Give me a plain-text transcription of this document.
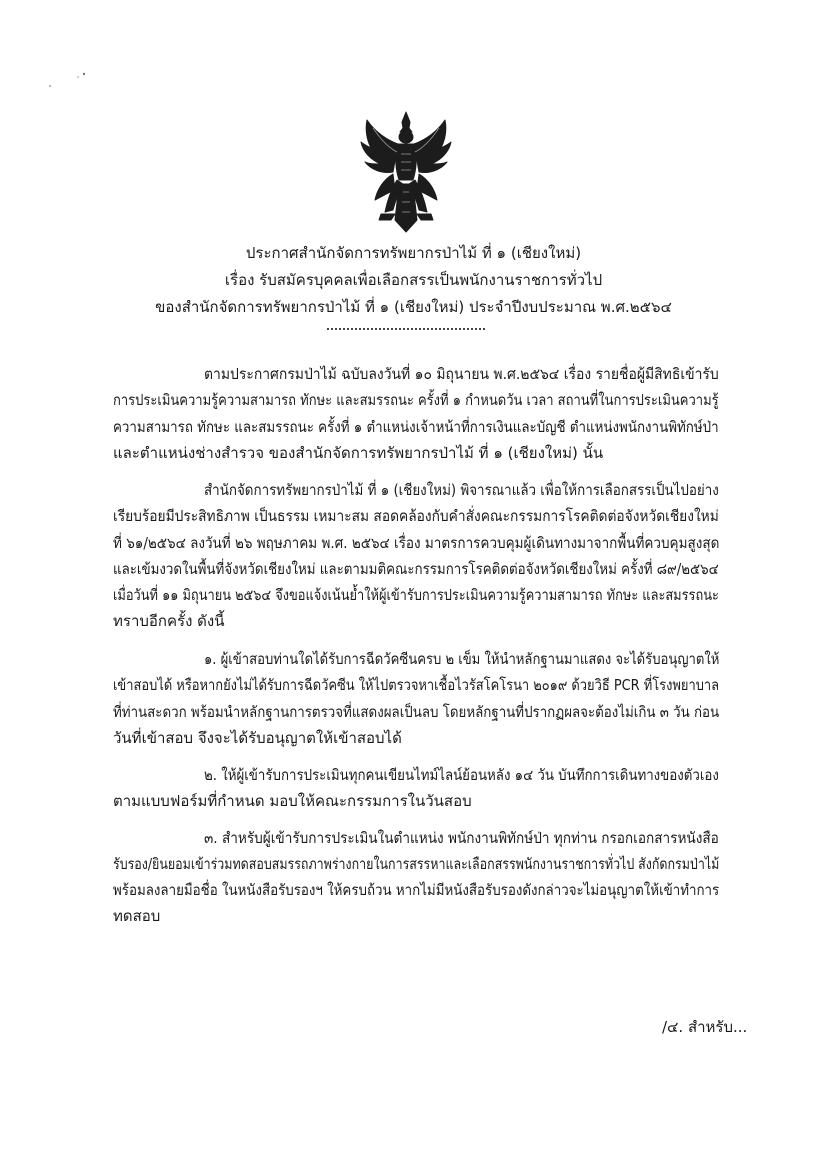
ประกาศสำนักจัดการทรัพยากรป่าไม้ ที่ ๑ (เชียงใหม่)
เรื่อง รับสมัครบุคคลเพื่อเลือกสรรเป็นพนักงานราชการทั่วไป
ของสำนักจัดการทรัพยากรป่าไม้ ที่ ๑ (เชียงใหม่) ประจำปีงบประมาณ พ.ศ.๒๕๖๔
ตามประกาศกรมป่าไม้ ฉบับลงวันที่ ๑๐ มิถุนายน พ.ศ.๒๕๖๔ เรื่อง รายชื่อผู้มีสิทธิเข้ารับ
การประเมินความรู้ความสามารถ ทักษะ และสมรรถนะ ครั้งที่ ๑ กำหนดวัน เวลา สถานที่ในการประเมินความรู้
ความสามารถ ทักษะ และสมรรถนะ ครั้งที่ ๑ ตำแหน่งเจ้าหน้าที่การเงินและบัญชี ตำแหน่งพนักงานพิทักษ์ป่า
และตำแหน่งช่างสำรวจ ของสำนักจัดการทรัพยากรป่าไม้ ที่ ๑ (เชียงใหม่) นั้น
สำนักจัดการทรัพยากรป่าไม้ ที่ ๑ (เชียงใหม่) พิจารณาแล้ว เพื่อให้การเลือกสรรเป็นไปอย่าง
เรียบร้อยมีประสิทธิภาพ เป็นธรรม เหมาะสม สอดคล้องกับคำสั่งคณะกรรมการโรคติดต่อจังหวัดเชียงใหม่
ที่ ๖๑/๒๕๖๔ ลงวันที่ ๒๖ พฤษภาคม พ.ศ. ๒๕๖๔ เรื่อง มาตรการควบคุมผู้เดินทางมาจากพื้นที่ควบคุมสูงสุด
และเข้มงวดในพื้นที่จังหวัดเชียงใหม่ และตามมติคณะกรรมการโรคติดต่อจังหวัดเชียงใหม่ ครั้งที่ ๘๙/๒๕๖๔
เมื่อวันที่ ๑๑ มิถุนายน ๒๕๖๔ จึงขอแจ้งเน้นย้ำให้ผู้เข้ารับการประเมินความรู้ความสามารถ ทักษะ และสมรรถนะ
ทราบอีกครั้ง ดังนี้
๑. ผู้เข้าสอบท่านใดได้รับการฉีดวัคซีนครบ ๒ เข็ม ให้นำหลักฐานมาแสดง จะได้รับอนุญาตให้
เข้าสอบได้ หรือหากยังไม่ได้รับการฉีดวัคซีน ให้ไปตรวจหาเชื้อไวรัสโคโรนา ๒๐๑๙ ด้วยวิธี PCR ที่โรงพยาบาล
ที่ท่านสะดวก พร้อมนำหลักฐานการตรวจที่แสดงผลเป็นลบ โดยหลักฐานที่ปรากฏผลจะต้องไม่เกิน ๓ วัน ก่อน
วันที่เข้าสอบ จึงจะได้รับอนุญาตให้เข้าสอบได้
๒. ให้ผู้เข้ารับการประเมินทุกคนเขียนไทม์ไลน์ย้อนหลัง ๑๔ วัน บันทึกการเดินทางของตัวเอง
ตามแบบฟอร์มที่กำหนด มอบให้คณะกรรมการในวันสอบ
๓. สำหรับผู้เข้ารับการประเมินในตำแหน่ง พนักงานพิทักษ์ป่า ทุกท่าน กรอกเอกสารหนังสือ
รับรอง/ยินยอมเข้าร่วมทดสอบสมรรถภาพร่างกายในการสรรหาและเลือกสรรพนักงานราชการทั่วไป สังกัดกรมป่าไม้
พร้อมลงลายมือชื่อ ในหนังสือรับรองฯ ให้ครบถ้วน หากไม่มีหนังสือรับรองดังกล่าวจะไม่อนุญาตให้เข้าทำการ
ทดสอบ
/๔. สำหรับ...
